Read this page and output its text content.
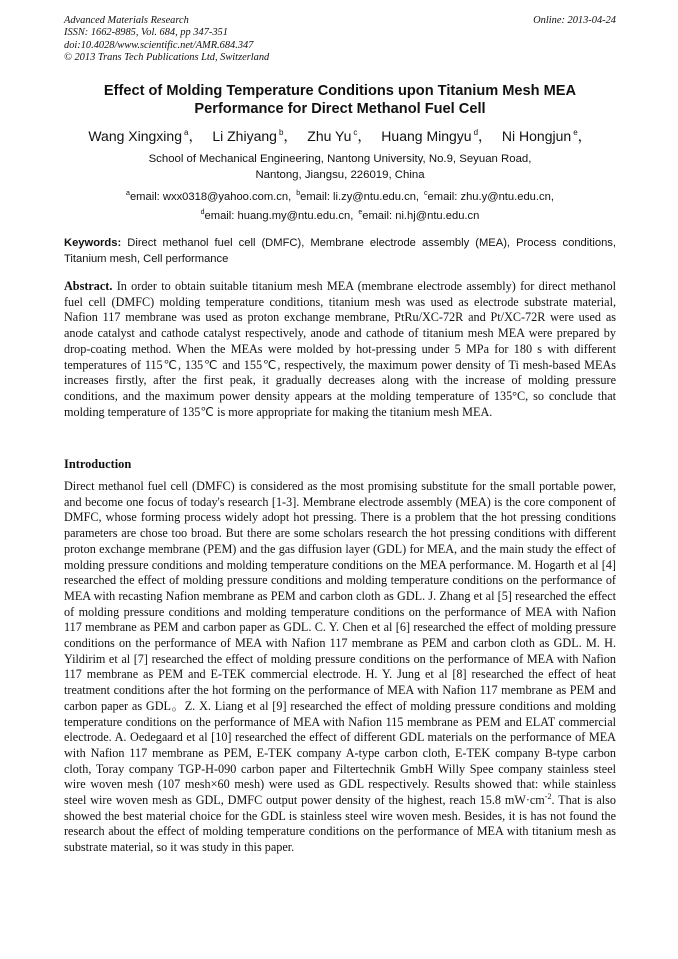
Advanced Materials Research
ISSN: 1662-8985, Vol. 684, pp 347-351
doi:10.4028/www.scientific.net/AMR.684.347
© 2013 Trans Tech Publications Ltd, Switzerland
Online: 2013-04-24
Effect of Molding Temperature Conditions upon Titanium Mesh MEA
Performance for Direct Methanol Fuel Cell
Wang Xingxing $^a$， Li Zhiyang $^b$， Zhu Yu $^c$， Huang Mingyu $^d$， Ni Hongjun $^e$，
School of Mechanical Engineering, Nantong University, No.9, Seyuan Road,
Nantong, Jiangsu, 226019, China
$^a$email: wxx0318@yahoo.com.cn, $^b$email: li.zy@ntu.edu.cn, $^c$email: zhu.y@ntu.edu.cn,
$^d$email: huang.my@ntu.edu.cn, $^e$email: ni.hj@ntu.edu.cn

Keywords: Direct methanol fuel cell (DMFC), Membrane electrode assembly (MEA), Process conditions, Titanium mesh, Cell performance

Abstract. In order to obtain suitable titanium mesh MEA (membrane electrode assembly) for direct methanol fuel cell (DMFC) molding temperature conditions, titanium mesh was used as electrode substrate material, Nafion 117 membrane was used as proton exchange membrane, PtRu/XC-72R and Pt/XC-72R were used as anode catalyst and cathode catalyst respectively, anode and cathode of titanium mesh MEA were prepared by drop-coating method. When the MEAs were molded by hot-pressing under 5 MPa for 180 s with different temperatures of 115℃, 135℃ and 155℃, respectively, the maximum power density of Ti mesh-based MEAs increases firstly, after the first peak, it gradually decreases along with the increase of molding pressure conditions, and the maximum power density appears at the molding temperature of 135°C, so conclude that molding temperature of 135℃ is more appropriate for making the titanium mesh MEA.

Introduction

Direct methanol fuel cell (DMFC) is considered as the most promising substitute for the small portable power, and become one focus of today's research [1-3]. Membrane electrode assembly (MEA) is the core component of DMFC, whose forming process widely adopt hot pressing. There is a problem that the hot pressing conditions parameters are chose too broad. But there are some scholars research the hot pressing conditions with different proton exchange membrane (PEM) and the gas diffusion layer (GDL) for MEA, and the main study the effect of molding pressure conditions and molding temperature conditions on the MEA performance. M. Hogarth et al [4] researched the effect of molding pressure conditions and molding temperature conditions on the performance of MEA with recasting Nafion membrane as PEM and carbon cloth as GDL. J. Zhang et al [5] researched the effect of molding pressure conditions and molding temperature conditions on the performance of MEA with Nafion 117 membrane as PEM and carbon paper as GDL. C. Y. Chen et al [6] researched the effect of molding pressure conditions on the performance of MEA with Nafion 117 membrane as PEM and carbon cloth as GDL. M. H. Yildirim et al [7] researched the effect of molding pressure conditions on the performance of MEA with Nafion 117 membrane as PEM and E-TEK commercial electrode. H. Y. Jung et al [8] researched the effect of heat treatment conditions after the hot forming on the performance of MEA with Nafion 117 membrane as PEM and carbon paper as GDL。Z. X. Liang et al [9] researched the effect of molding pressure conditions and molding temperature conditions on the performance of MEA with Nafion 115 membrane as PEM and ELAT commercial electrode. A. Oedegaard et al [10] researched the effect of different GDL materials on the performance of MEA with Nafion 117 membrane as PEM, E-TEK company A-type carbon cloth, E-TEK company B-type carbon cloth, Toray company TGP-H-090 carbon paper and Filtertechnik GmbH Willy Spee company stainless steel wire woven mesh (107 mesh×60 mesh) were used as GDL respectively. Results showed that: while stainless steel wire woven mesh as GDL, DMFC output power density of the highest, reach 15.8 $mW\cdot cm^{-2}$. That is also showed the best material choice for the GDL is stainless steel wire woven mesh. Besides, it is has not found the research about the effect of molding temperature conditions on the performance of MEA with titanium mesh as substrate material, so it was study in this paper.
